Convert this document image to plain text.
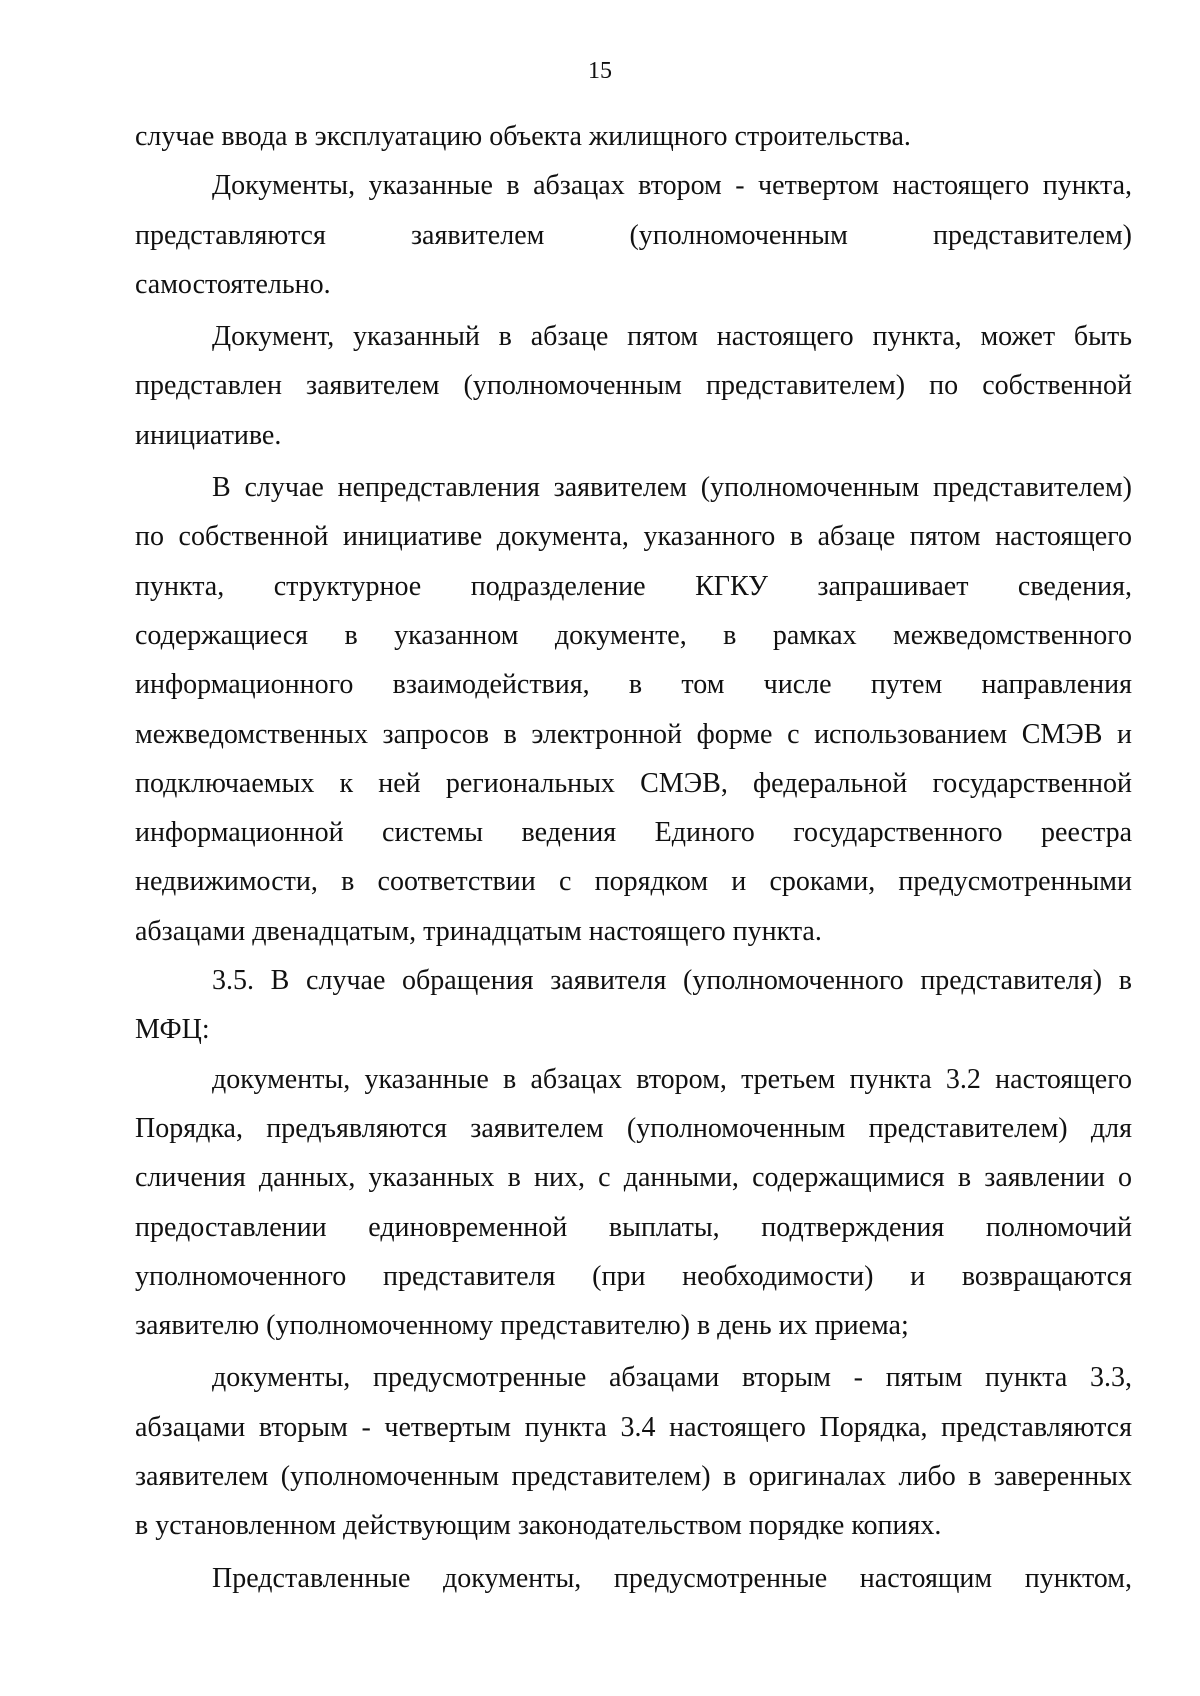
15
случае ввода в эксплуатацию объекта жилищного строительства.
Документы, указанные в абзацах втором - четвертом настоящего пункта,
представляются заявителем (уполномоченным представителем)
самостоятельно.
Документ, указанный в абзаце пятом настоящего пункта, может быть
представлен заявителем (уполномоченным представителем) по собственной
инициативе.
В случае непредставления заявителем (уполномоченным представителем)
по собственной инициативе документа, указанного в абзаце пятом настоящего
пункта, структурное подразделение КГКУ запрашивает сведения,
содержащиеся в указанном документе, в рамках межведомственного
информационного взаимодействия, в том числе путем направления
межведомственных запросов в электронной форме с использованием СМЭВ и
подключаемых к ней региональных СМЭВ, федеральной государственной
информационной системы ведения Единого государственного реестра
недвижимости, в соответствии с порядком и сроками, предусмотренными
абзацами двенадцатым, тринадцатым настоящего пункта.
3.5. В случае обращения заявителя (уполномоченного представителя) в
МФЦ:
документы, указанные в абзацах втором, третьем пункта 3.2 настоящего
Порядка, предъявляются заявителем (уполномоченным представителем) для
сличения данных, указанных в них, с данными, содержащимися в заявлении о
предоставлении единовременной выплаты, подтверждения полномочий
уполномоченного представителя (при необходимости) и возвращаются
заявителю (уполномоченному представителю) в день их приема;
документы, предусмотренные абзацами вторым - пятым пункта 3.3,
абзацами вторым - четвертым пункта 3.4 настоящего Порядка, представляются
заявителем (уполномоченным представителем) в оригиналах либо в заверенных
в установленном действующим законодательством порядке копиях.
Представленные документы, предусмотренные настоящим пунктом,
